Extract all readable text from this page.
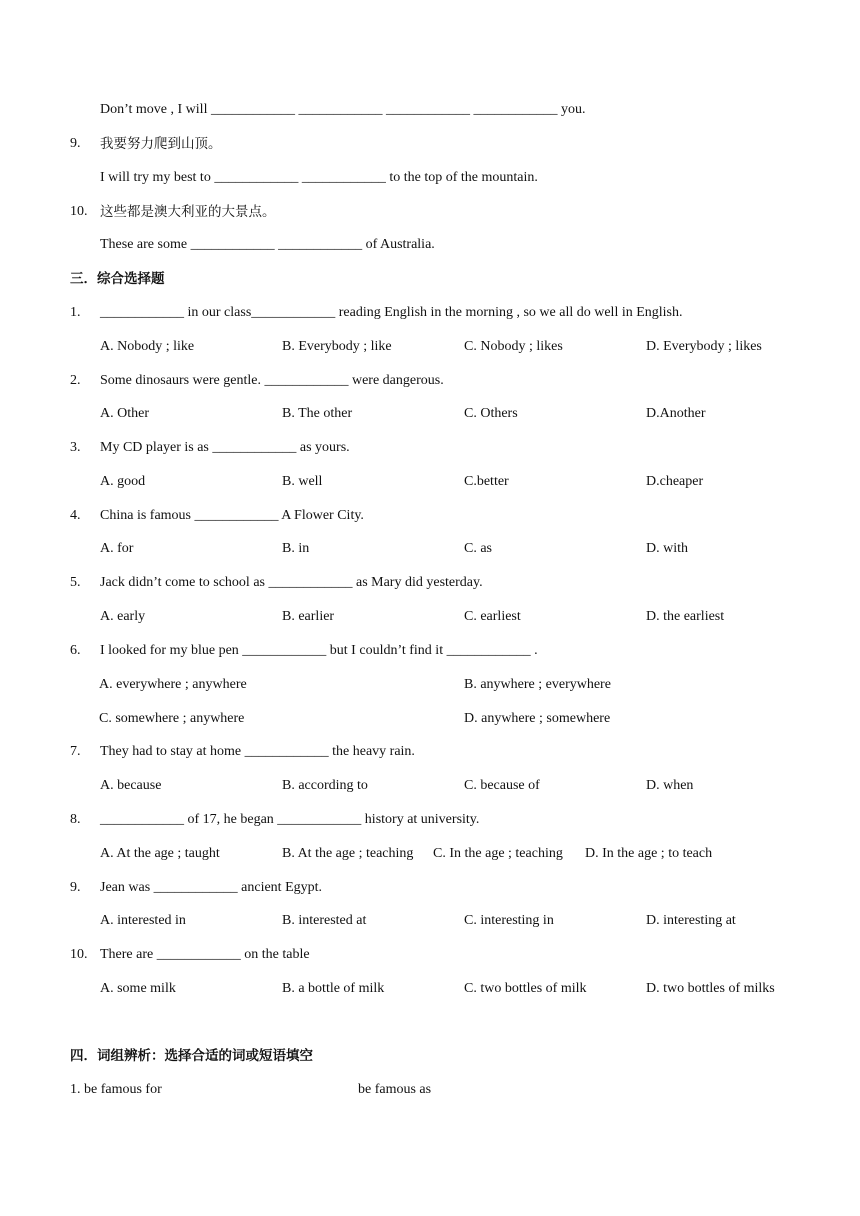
Don’t move , I will ____________ ____________ ____________ ____________ you.
9. 我要努力爬到山顶。
I will try my best to ____________ ____________ to the top of the mountain.
10. 这些都是澳大利亚的大景点。
These are some ____________ ____________ of Australia.
三．综合选择题
1. ____________ in our class____________ reading English in the morning , so we all do well in English.
A. Nobody ; like	B. Everybody ; like	C. Nobody ; likes	D. Everybody ; likes
2. Some dinosaurs were gentle. ____________ were dangerous.
A. Other	B. The other	C. Others	D.Another
3. My CD player is as ____________ as yours.
A. good	B. well	C.better	D.cheaper
4. China is famous ____________ A Flower City.
A. for	B. in	C. as	D. with
5. Jack didn’t come to school as ____________ as Mary did yesterday.
A. early	B. earlier	C. earliest	D. the earliest
6. I looked for my blue pen ____________ but I couldn’t find it ____________ .
A. everywhere ; anywhere	B. anywhere ; everywhere
C. somewhere ; anywhere	D. anywhere ; somewhere
7. They had to stay at home ____________ the heavy rain.
A. because	B. according to	C. because of	D. when
8. ____________ of 17, he began ____________ history at university.
A. At the age ; taught	B. At the age ; teaching C. In the age ; teaching D. In the age ; to teach
9. Jean was ____________ ancient Egypt.
A. interested in	B. interested at	C. interesting in	D. interesting at
10. There are ____________ on the table
A. some milk	B. a bottle of milk	C. two bottles of milk	D. two bottles of milks
四．词组辨析：选择合适的词或短语填空
1. be famous for	be famous as
